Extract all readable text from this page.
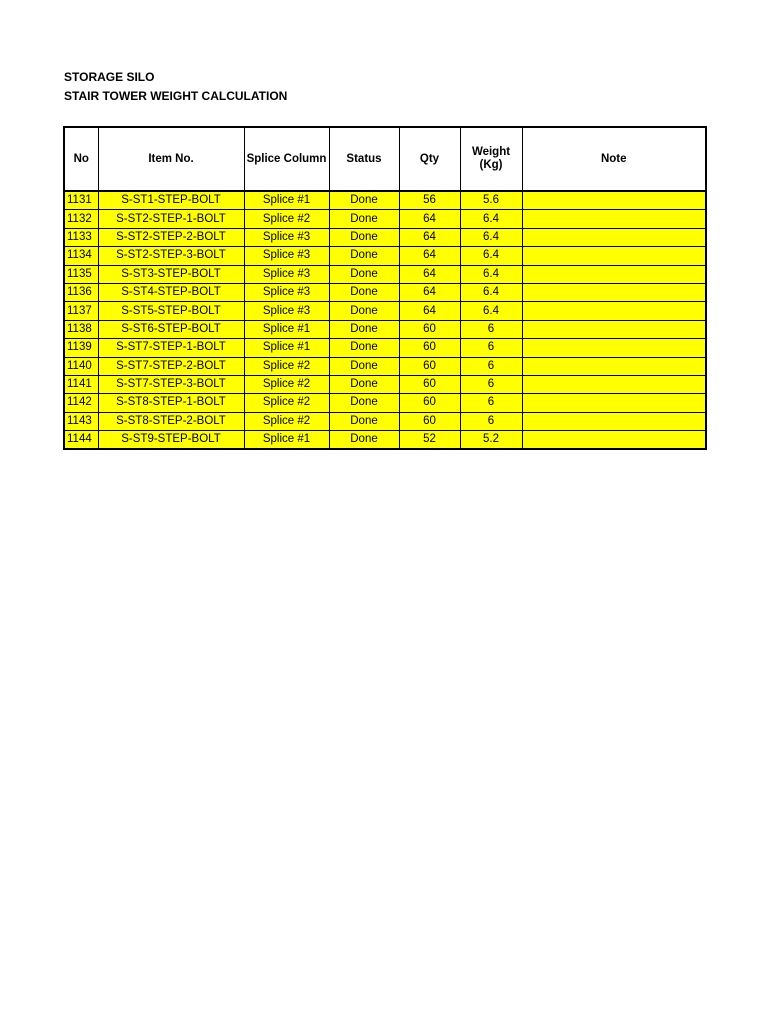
STORAGE SILO
STAIR TOWER WEIGHT CALCULATION
No	Item No.	Splice Column	Status	Qty	Weight (Kg)	Note
1131	S-ST1-STEP-BOLT	Splice #1	Done	56	5.6	
1132	S-ST2-STEP-1-BOLT	Splice #2	Done	64	6.4	
1133	S-ST2-STEP-2-BOLT	Splice #3	Done	64	6.4	
1134	S-ST2-STEP-3-BOLT	Splice #3	Done	64	6.4	
1135	S-ST3-STEP-BOLT	Splice #3	Done	64	6.4	
1136	S-ST4-STEP-BOLT	Splice #3	Done	64	6.4	
1137	S-ST5-STEP-BOLT	Splice #3	Done	64	6.4	
1138	S-ST6-STEP-BOLT	Splice #1	Done	60	6	
1139	S-ST7-STEP-1-BOLT	Splice #1	Done	60	6	
1140	S-ST7-STEP-2-BOLT	Splice #2	Done	60	6	
1141	S-ST7-STEP-3-BOLT	Splice #2	Done	60	6	
1142	S-ST8-STEP-1-BOLT	Splice #2	Done	60	6	
1143	S-ST8-STEP-2-BOLT	Splice #2	Done	60	6	
1144	S-ST9-STEP-BOLT	Splice #1	Done	52	5.2	
